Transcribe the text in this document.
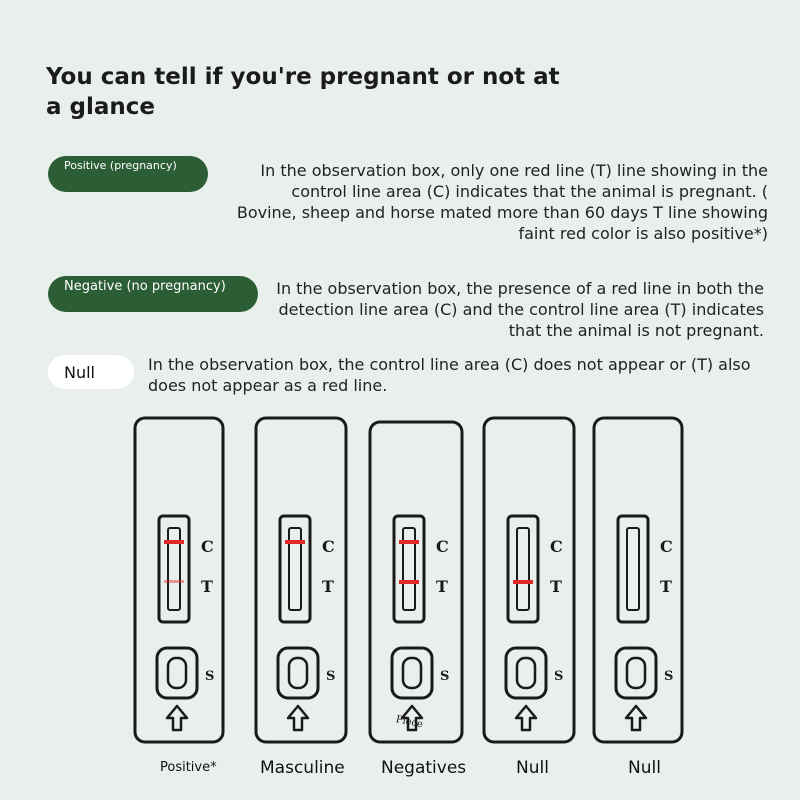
You can tell if you're pregnant or not at a glance
Positive (pregnancy)	In the observation box, only one red line (T) line showing in the control line area (C) indicates that the animal is pregnant. ( Bovine, sheep and horse mated more than 60 days T line showing faint red color is also positive*)
Negative (no pregnancy)	In the observation box, the presence of a red line in both the detection line area (C) and the control line area (T) indicates that the animal is not pregnant.
Null	In the observation box, the control line area (C) does not appear or (T) also does not appear as a red line.
C
T
S
C
T
S
C
T
S
Piece
C
T
S
C
T
S
Positive*	Masculine Negatives	Null	Null
